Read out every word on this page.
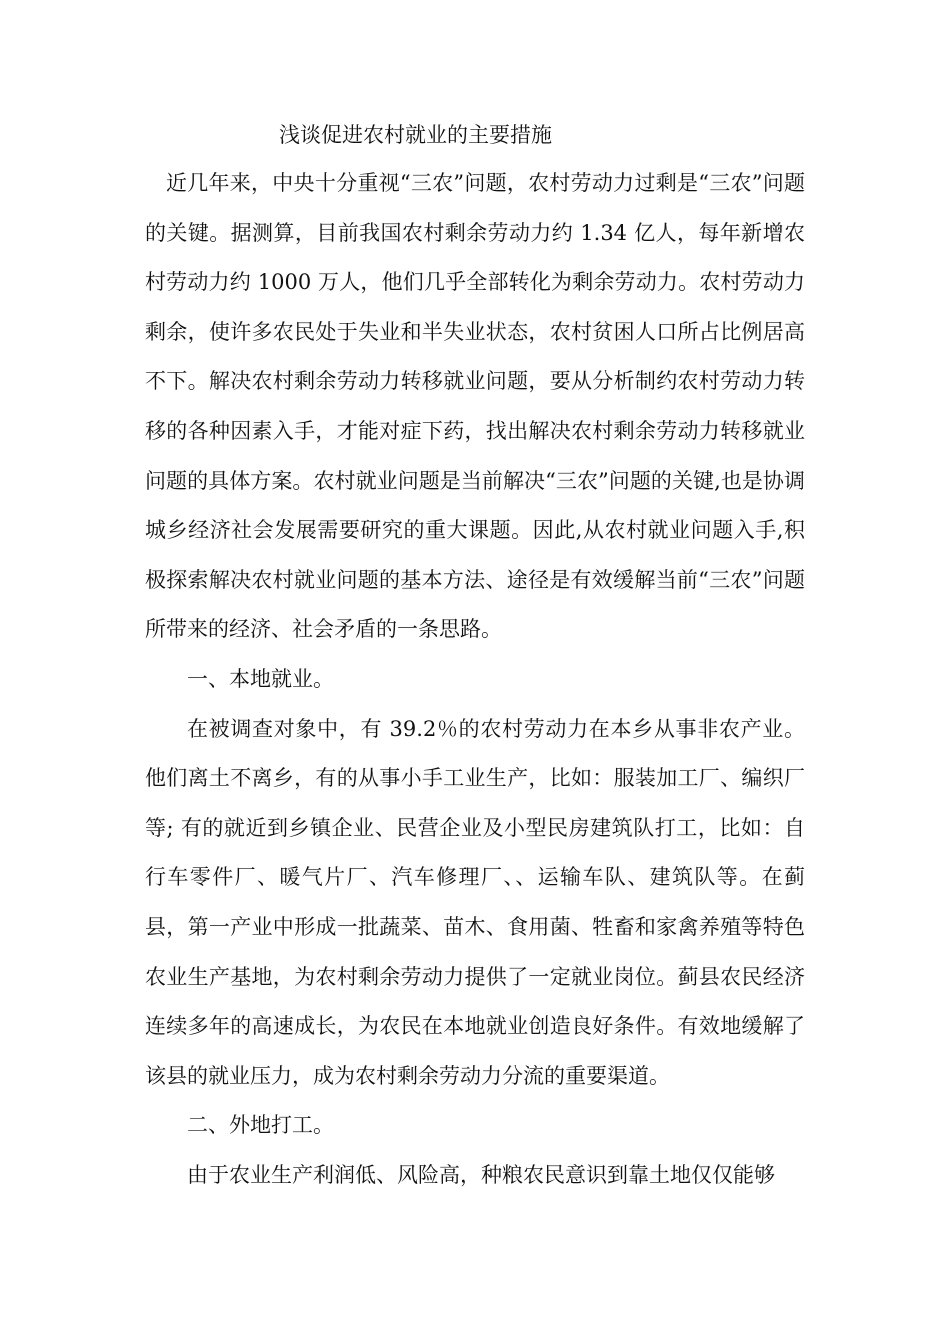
浅谈促进农村就业的主要措施

近几年来，中央十分重视“三农”问题，农村劳动力过剩是“三农”问题的关键。据测算，目前我国农村剩余劳动力约 1.34 亿人，每年新增农村劳动力约 1000 万人，他们几乎全部转化为剩余劳动力。农村劳动力剩余，使许多农民处于失业和半失业状态，农村贫困人口所占比例居高不下。解决农村剩余劳动力转移就业问题，要从分析制约农村劳动力转移的各种因素入手，才能对症下药，找出解决农村剩余劳动力转移就业问题的具体方案。农村就业问题是当前解决“三农”问题的关键,也是协调城乡经济社会发展需要研究的重大课题。因此,从农村就业问题入手,积极探索解决农村就业问题的基本方法、途径是有效缓解当前“三农”问题所带来的经济、社会矛盾的一条思路。

一、本地就业。

在被调查对象中，有 39.2％的农村劳动力在本乡从事非农产业。他们离土不离乡，有的从事小手工业生产，比如：服装加工厂、编织厂等; 有的就近到乡镇企业、民营企业及小型民房建筑队打工，比如：自行车零件厂、暖气片厂、汽车修理厂、、运输车队、建筑队等。在蓟县，第一产业中形成一批蔬菜、苗木、食用菌、牲畜和家禽养殖等特色农业生产基地，为农村剩余劳动力提供了一定就业岗位。蓟县农民经济连续多年的高速成长，为农民在本地就业创造良好条件。有效地缓解了该县的就业压力，成为农村剩余劳动力分流的重要渠道。

二、外地打工。

由于农业生产利润低、风险高，种粮农民意识到靠土地仅仅能够
